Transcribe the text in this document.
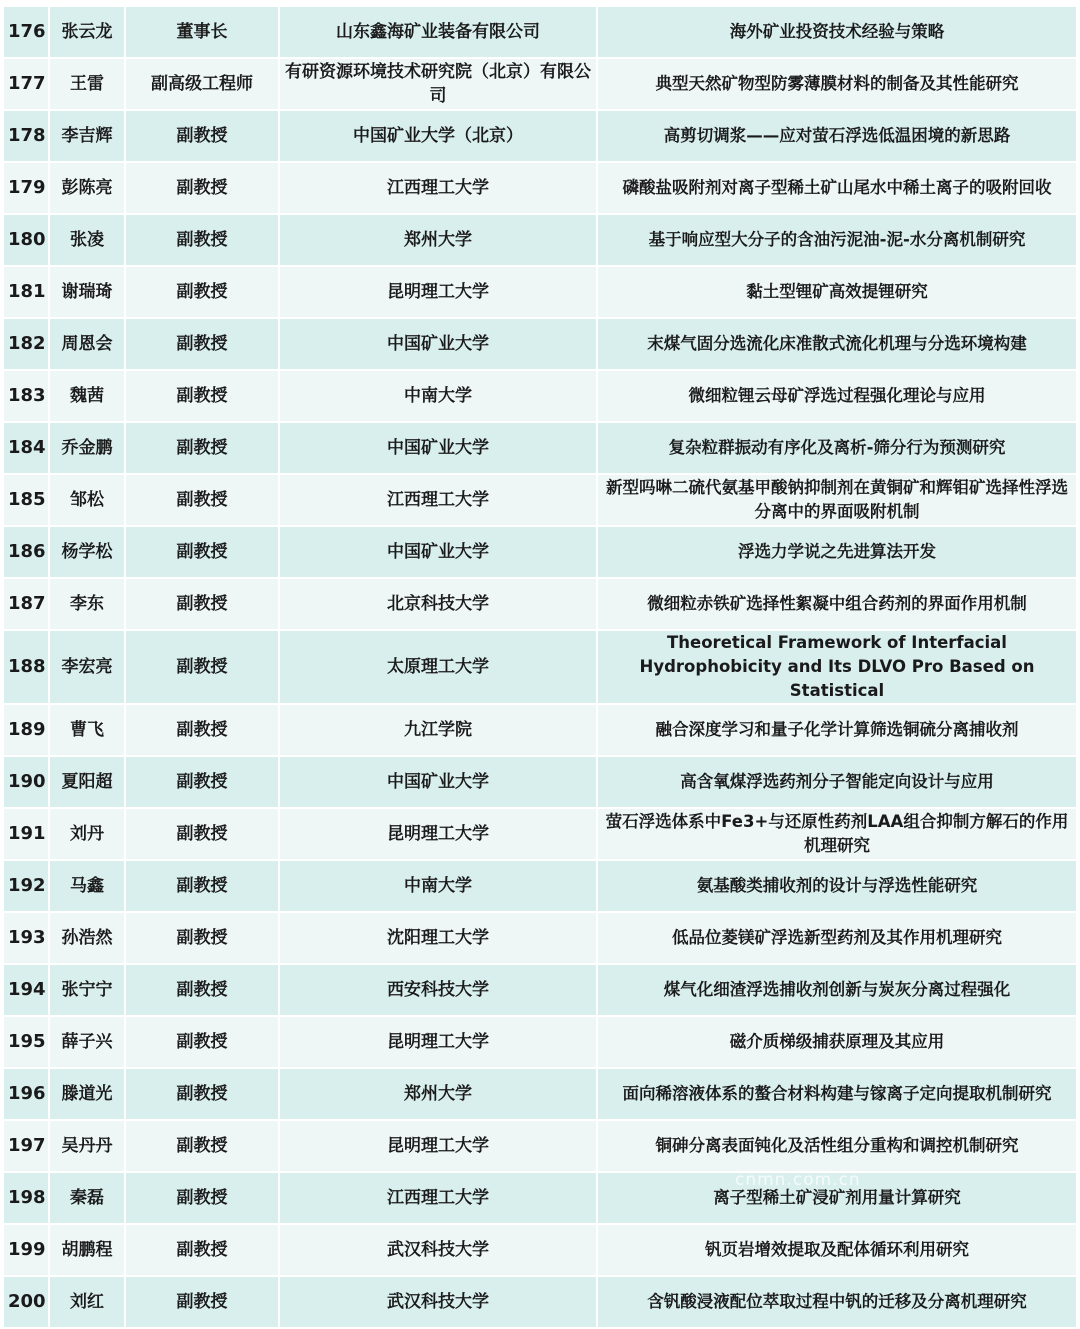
176	张云龙	董事长	山东鑫海矿业装备有限公司	海外矿业投资技术经验与策略
177	王雷	副高级工程师	有研资源环境技术研究院（北京）有限公司	典型天然矿物型防雾薄膜材料的制备及其性能研究
178	李吉辉	副教授	中国矿业大学（北京）	高剪切调浆——应对萤石浮选低温困境的新思路
179	彭陈亮	副教授	江西理工大学	磷酸盐吸附剂对离子型稀土矿山尾水中稀土离子的吸附回收
180	张凌	副教授	郑州大学	基于响应型大分子的含油污泥油-泥-水分离机制研究
181	谢瑞琦	副教授	昆明理工大学	黏土型锂矿高效提锂研究
182	周恩会	副教授	中国矿业大学	末煤气固分选流化床准散式流化机理与分选环境构建
183	魏茜	副教授	中南大学	微细粒锂云母矿浮选过程强化理论与应用
184	乔金鹏	副教授	中国矿业大学	复杂粒群振动有序化及离析-筛分行为预测研究
185	邹松	副教授	江西理工大学	新型吗啉二硫代氨基甲酸钠抑制剂在黄铜矿和辉钼矿选择性浮选分离中的界面吸附机制
186	杨学松	副教授	中国矿业大学	浮选力学说之先进算法开发
187	李东	副教授	北京科技大学	微细粒赤铁矿选择性絮凝中组合药剂的界面作用机制
188	李宏亮	副教授	太原理工大学	Theoretical Framework of Interfacial Hydrophobicity and Its DLVO Pro Based on Statistical
189	曹飞	副教授	九江学院	融合深度学习和量子化学计算筛选铜硫分离捕收剂
190	夏阳超	副教授	中国矿业大学	高含氧煤浮选药剂分子智能定向设计与应用
191	刘丹	副教授	昆明理工大学	萤石浮选体系中Fe3+与还原性药剂LAA组合抑制方解石的作用机理研究
192	马鑫	副教授	中南大学	氨基酸类捕收剂的设计与浮选性能研究
193	孙浩然	副教授	沈阳理工大学	低品位菱镁矿浮选新型药剂及其作用机理研究
194	张宁宁	副教授	西安科技大学	煤气化细渣浮选捕收剂创新与炭灰分离过程强化
195	薛子兴	副教授	昆明理工大学	磁介质梯级捕获原理及其应用
196	滕道光	副教授	郑州大学	面向稀溶液体系的螯合材料构建与镓离子定向提取机制研究
197	吴丹丹	副教授	昆明理工大学	铜砷分离表面钝化及活性组分重构和调控机制研究
198	秦磊	副教授	江西理工大学	离子型稀土矿浸矿剂用量计算研究
199	胡鹏程	副教授	武汉科技大学	钒页岩增效提取及配体循环利用研究
200	刘红	副教授	武汉科技大学	含钒酸浸液配位萃取过程中钒的迁移及分离机理研究
cnmn.com.cn
